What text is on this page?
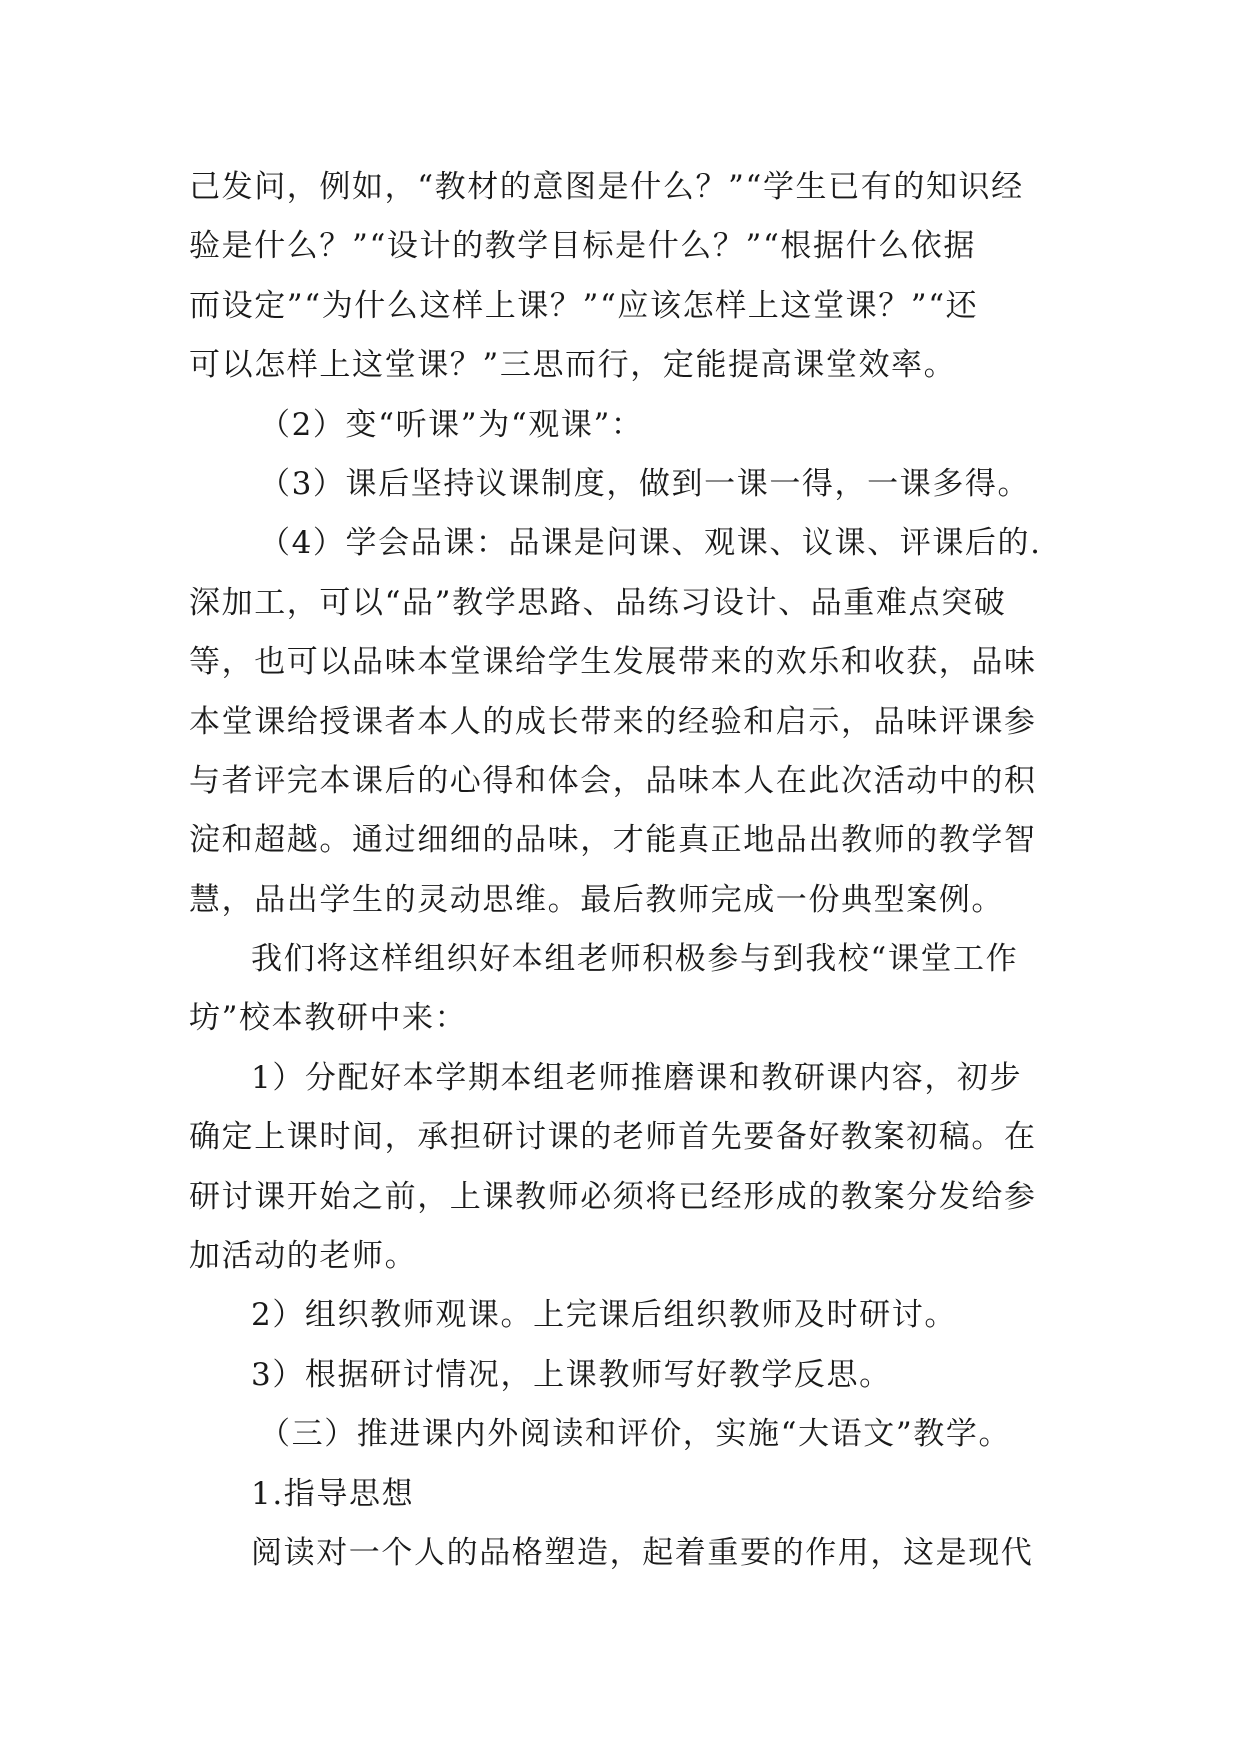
己发问，例如，“教材的意图是什么？”“学生已有的知识经
验是什么？”“设计的教学目标是什么？”“根据什么依据
而设定”“为什么这样上课？”“应该怎样上这堂课？”“还
可以怎样上这堂课？”三思而行，定能提高课堂效率。
（2）变“听课”为“观课”：
（3）课后坚持议课制度，做到一课一得，一课多得。
（4）学会品课：品课是问课、观课、议课、评课后的.
深加工，可以“品”教学思路、品练习设计、品重难点突破
等，也可以品味本堂课给学生发展带来的欢乐和收获，品味
本堂课给授课者本人的成长带来的经验和启示，品味评课参
与者评完本课后的心得和体会，品味本人在此次活动中的积
淀和超越。通过细细的品味，才能真正地品出教师的教学智
慧，品出学生的灵动思维。最后教师完成一份典型案例。
我们将这样组织好本组老师积极参与到我校“课堂工作
坊”校本教研中来：
1）分配好本学期本组老师推磨课和教研课内容，初步
确定上课时间，承担研讨课的老师首先要备好教案初稿。在
研讨课开始之前，上课教师必须将已经形成的教案分发给参
加活动的老师。
2）组织教师观课。上完课后组织教师及时研讨。
3）根据研讨情况，上课教师写好教学反思。
（三）推进课内外阅读和评价，实施“大语文”教学。
1.指导思想
阅读对一个人的品格塑造，起着重要的作用，这是现代
